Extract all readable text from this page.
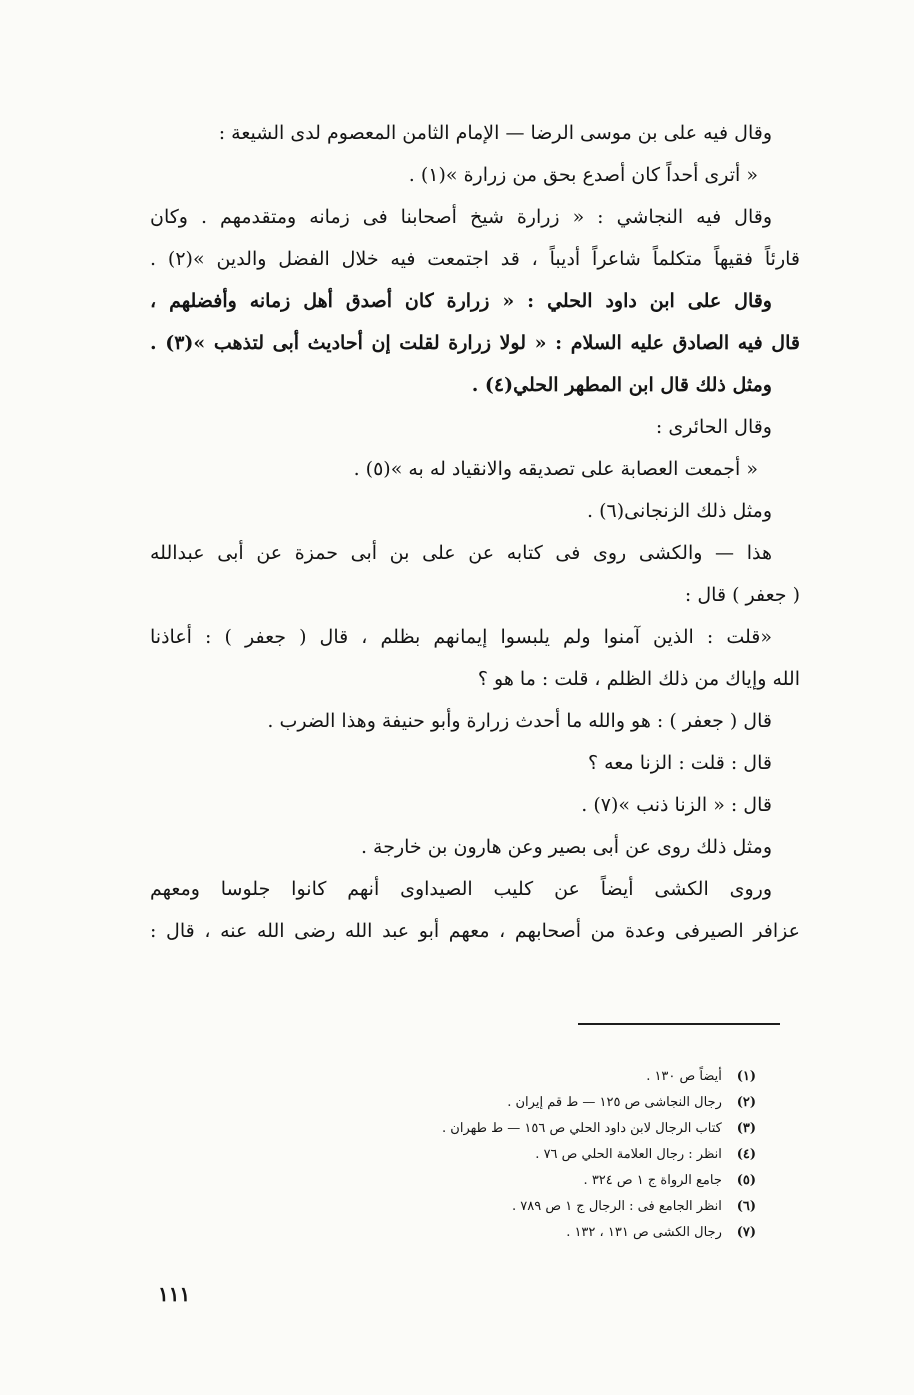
وقال فيه على بن موسى الرضا — الإمام الثامن المعصوم لدى الشيعة :
« أترى أحداً كان أصدع بحق من زرارة »(١) .
وقال فيه النجاشي : « زرارة شيخ أصحابنا فى زمانه ومتقدمهم . وكان
قارئاً فقيهاً متكلماً شاعراً أديباً ، قد اجتمعت فيه خلال الفضل والدين »(٢) .
وقال على ابن داود الحلي : « زرارة كان أصدق أهل زمانه وأفضلهم ،
قال فيه الصادق عليه السلام : « لولا زرارة لقلت إن أحاديث أبى لتذهب »(٣) .
ومثل ذلك قال ابن المطهر الحلي(٤) .
وقال الحائرى :
« أجمعت العصابة على تصديقه والانقياد له به »(٥) .
ومثل ذلك الزنجانى(٦) .
هذا — والكشى روى فى كتابه عن على بن أبى حمزة عن أبى عبدالله
( جعفر ) قال :
«قلت : الذين آمنوا ولم يلبسوا إيمانهم بظلم ، قال ( جعفر ) : أعاذنا
الله وإياك من ذلك الظلم ، قلت : ما هو ؟
قال ( جعفر ) : هو والله ما أحدث زرارة وأبو حنيفة وهذا الضرب .
قال : قلت : الزنا معه ؟
قال : « الزنا ذنب »(٧) .
ومثل ذلك روى عن أبى بصير وعن هارون بن خارجة .
وروى الكشى أيضاً عن كليب الصيداوى أنهم كانوا جلوسا ومعهم
عزافر الصيرفى وعدة من أصحابهم ، معهم أبو عبد الله رضى الله عنه ، قال :
(١) أيضاً ص ١٣٠ .
(٢) رجال النجاشى ص ١٢٥ — ط قم إيران .
(٣) كتاب الرجال لابن داود الحلي ص ١٥٦ — ط طهران .
(٤) انظر : رجال العلامة الحلي ص ٧٦ .
(٥) جامع الرواة ج ١ ص ٣٢٤ .
(٦) انظر الجامع فى : الرجال ج ١ ص ٧٨٩ .
(٧) رجال الكشى ص ١٣١ ، ١٣٢ .
١١١
